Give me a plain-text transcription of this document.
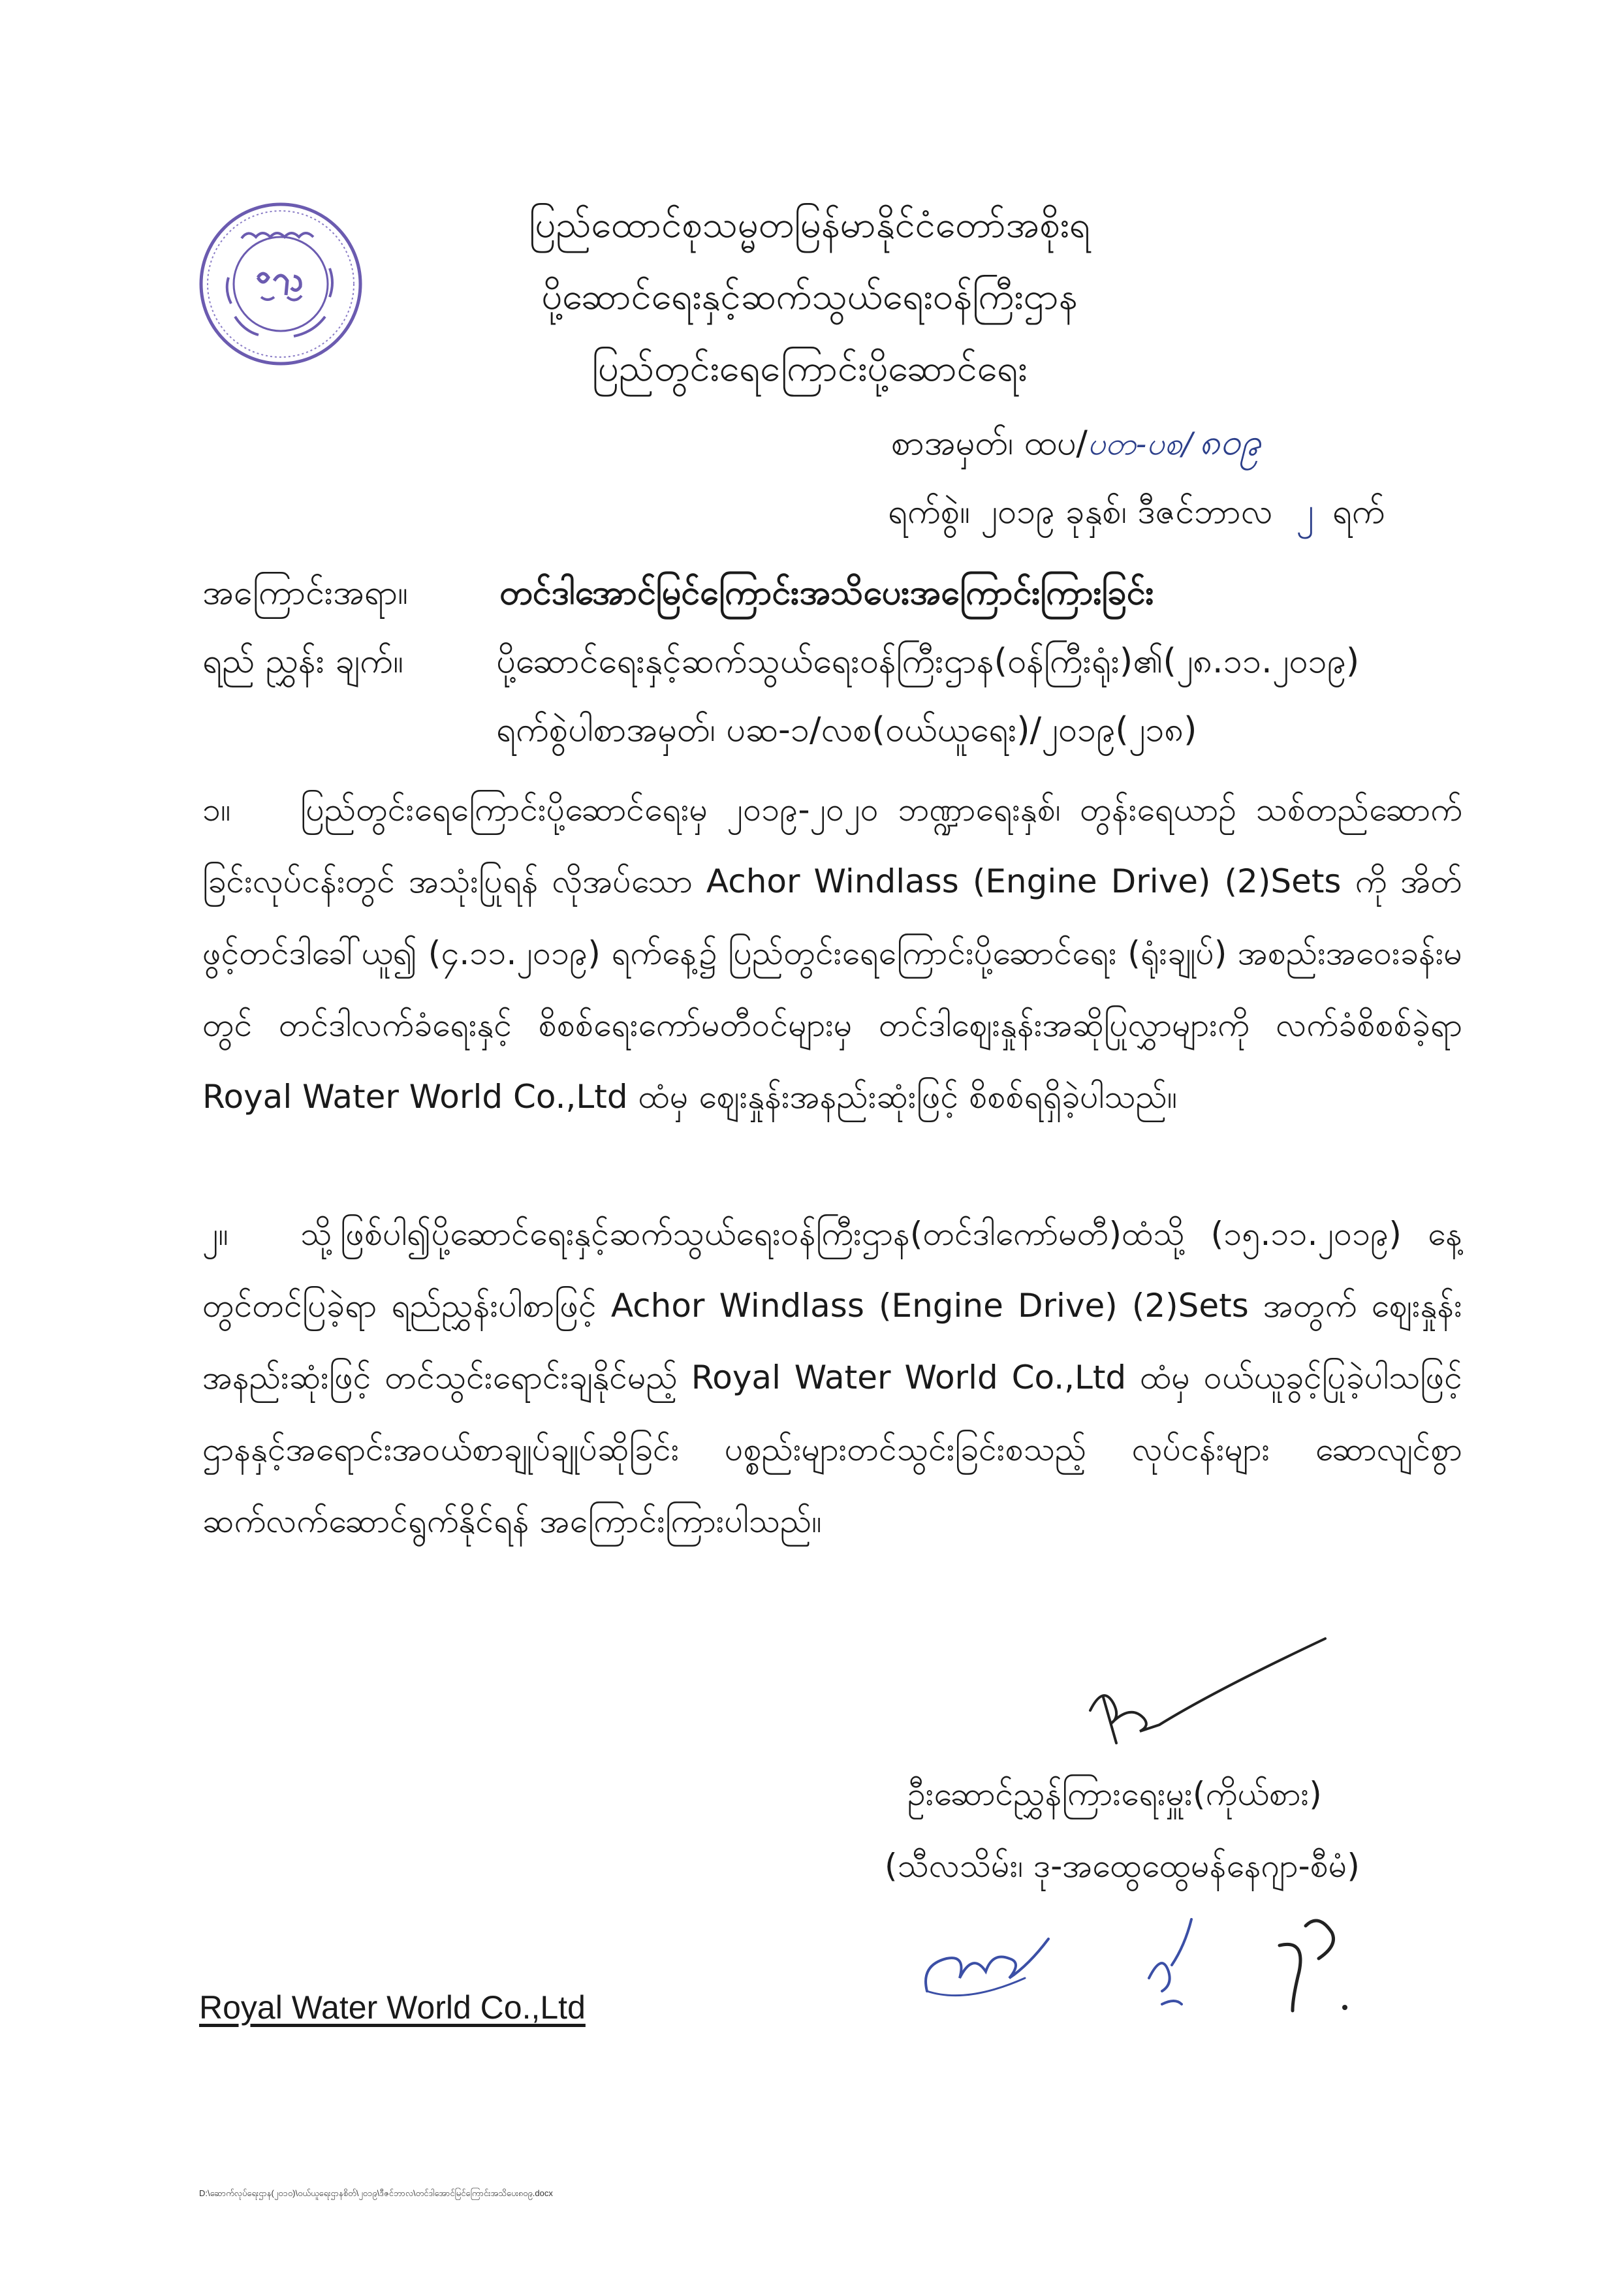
ပြည်ထောင်စုသမ္မတမြန်မာနိုင်ငံတော်အစိုးရ
ပို့ဆောင်ရေးနှင့်ဆက်သွယ်ရေးဝန်ကြီးဌာန
ပြည်တွင်းရေကြောင်းပို့ဆောင်ရေး
စာအမှတ်၊ ထပ/ပတ-ပစ/ ၈၀၉
ရက်စွဲ။ ၂၀၁၉ ခုနှစ်၊ ဒီဇင်ဘာလ ၂ ရက်
အကြောင်းအရာ။	တင်ဒါအောင်မြင်ကြောင်းအသိပေးအကြောင်းကြားခြင်း
ရည် ညွှန်း ချက်။	ပို့ဆောင်ရေးနှင့်ဆက်သွယ်ရေးဝန်ကြီးဌာန(ဝန်ကြီးရုံး)၏(၂၈.၁၁.၂၀၁၉)
ရက်စွဲပါစာအမှတ်၊ ပဆ-၁/လစ(ဝယ်ယူရေး)/၂၀၁၉(၂၁၈)
၁။ ပြည်တွင်းရေကြောင်းပို့ဆောင်ရေးမှ ၂၀၁၉-၂၀၂၀ ဘဏ္ဍာရေးနှစ်၊ တွန်းရေယာဉ် သစ်တည်ဆောက်ခြင်းလုပ်ငန်းတွင် အသုံးပြုရန် လိုအပ်သော Achor Windlass (Engine Drive) (2)Sets ကို အိတ်ဖွင့်တင်ဒါခေါ်ယူ၍ (၄.၁၁.၂၀၁၉) ရက်နေ့၌ ပြည်တွင်းရေကြောင်းပို့ဆောင်ရေး (ရုံးချုပ်) အစည်းအဝေးခန်းမတွင် တင်ဒါလက်ခံရေးနှင့် စိစစ်ရေးကော်မတီဝင်များမှ တင်ဒါဈေးနှုန်းအဆိုပြုလွှာများကို လက်ခံစိစစ်ခဲ့ရာ Royal Water World Co.,Ltd ထံမှ ဈေးနှုန်းအနည်းဆုံးဖြင့် စိစစ်ရရှိခဲ့ပါသည်။
၂။ သို့ဖြစ်ပါ၍ပို့ဆောင်ရေးနှင့်ဆက်သွယ်ရေးဝန်ကြီးဌာန(တင်ဒါကော်မတီ)ထံသို့ (၁၅.၁၁.၂၀၁၉) နေ့တွင်တင်ပြခဲ့ရာ ရည်ညွှန်းပါစာဖြင့် Achor Windlass (Engine Drive) (2)Sets အတွက် ဈေးနှုန်းအနည်းဆုံးဖြင့် တင်သွင်းရောင်းချနိုင်မည့် Royal Water World Co.,Ltd ထံမှ ဝယ်ယူခွင့်ပြုခဲ့ပါသဖြင့် ဌာနနှင့်အရောင်းအဝယ်စာချုပ်ချုပ်ဆိုခြင်း ပစ္စည်းများတင်သွင်းခြင်းစသည့် လုပ်ငန်းများ ဆောလျင်စွာဆက်လက်ဆောင်ရွက်နိုင်ရန် အကြောင်းကြားပါသည်။
ဦးဆောင်ညွှန်ကြားရေးမှူး(ကိုယ်စား)
(သီလသိမ်း၊ ဒု-အထွေထွေမန်နေဂျာ-စီမံ)
Royal Water World Co.,Ltd
D:\ဆောက်လုပ်ရေးဌာန(၂၀၁၀)\ဝယ်ယူရေးဌာနစိတ်\၂၀၁၉\ဒီဇင်ဘာလ\တင်ဒါအောင်မြင်ကြောင်းအသိပေး၈၀၉.docx
